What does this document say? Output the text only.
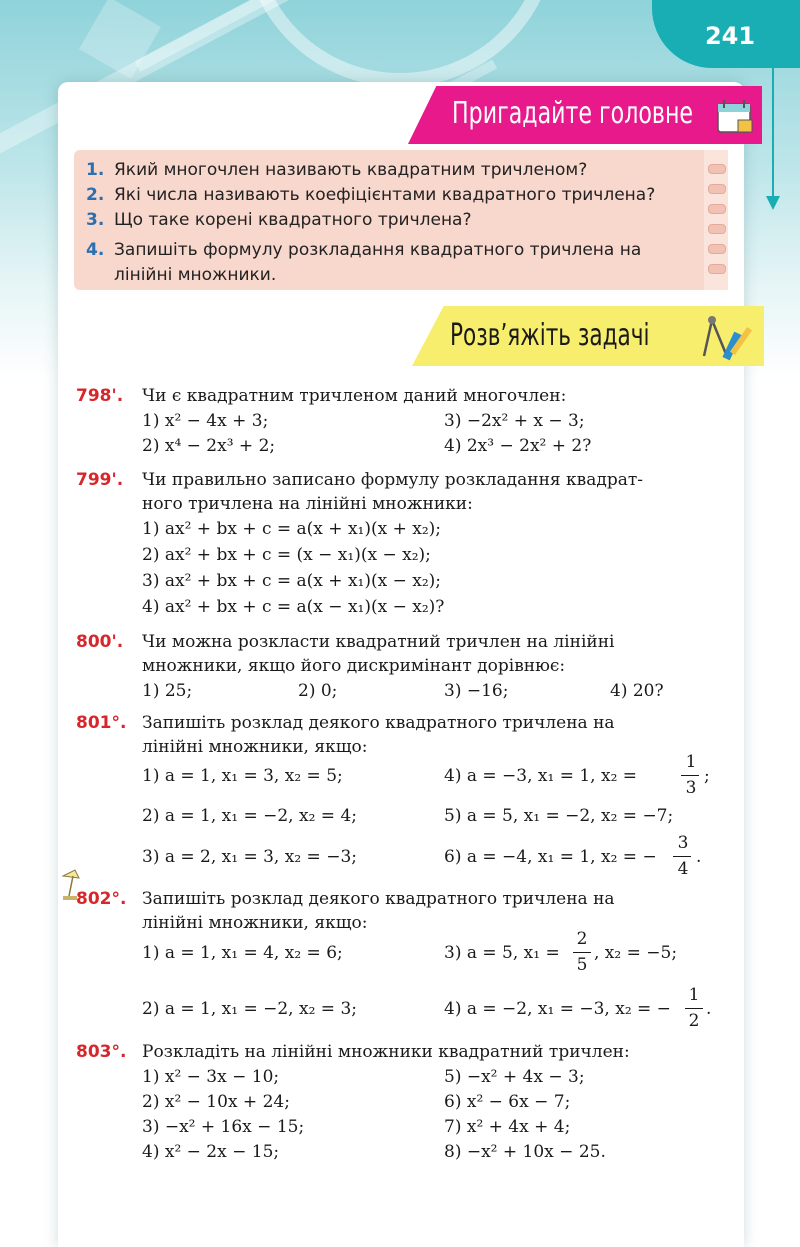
241
Пригадайте головне
1. Який многочлен називають квадратним тричленом?
2. Які числа називають коефіцієнтами квадратного тричлена?
3. Що таке корені квадратного тричлена?
4. Запишіть формулу розкладання квадратного тричлена на
лінійні множники.
Розв’яжіть задачі
798'. Чи є квадратним тричленом даний многочлен:
1) x² − 4x + 3;	3) −2x² + x − 3;
2) x⁴ − 2x³ + 2;	4) 2x³ − 2x² + 2?
799'. Чи правильно записано формулу розкладання квадрат-
ного тричлена на лінійні множники:
1) ax² + bx + c = a(x + x₁)(x + x₂);
2) ax² + bx + c = (x − x₁)(x − x₂);
3) ax² + bx + c = a(x + x₁)(x − x₂);
4) ax² + bx + c = a(x − x₁)(x − x₂)?
800'. Чи можна розкласти квадратний тричлен на лінійні
множники, якщо його дискримінант дорівнює:
1) 25;	2) 0;	3) −16;	4) 20?
801°. Запишіть розклад деякого квадратного тричлена на
лінійні множники, якщо:
1) a = 1, x₁ = 3, x₂ = 5;	4) a = −3, x₁ = 1, x₂ =
1
3
;
2) a = 1, x₁ = −2, x₂ = 4;	5) a = 5, x₁ = −2, x₂ = −7;
3) a = 2, x₁ = 3, x₂ = −3;	6) a = −4, x₁ = 1, x₂ = −
3
4
.
802°. Запишіть розклад деякого квадратного тричлена на
лінійні множники, якщо:
1) a = 1, x₁ = 4, x₂ = 6;	3) a = 5, x₁ =
2
5
, x₂ = −5;
2) a = 1, x₁ = −2, x₂ = 3;	4) a = −2, x₁ = −3, x₂ = −
1
2
.
803°. Розкладіть на лінійні множники квадратний тричлен:
1) x² − 3x − 10;	5) −x² + 4x − 3;
2) x² − 10x + 24;	6) x² − 6x − 7;
3) −x² + 16x − 15;	7) x² + 4x + 4;
4) x² − 2x − 15;	8) −x² + 10x − 25.
